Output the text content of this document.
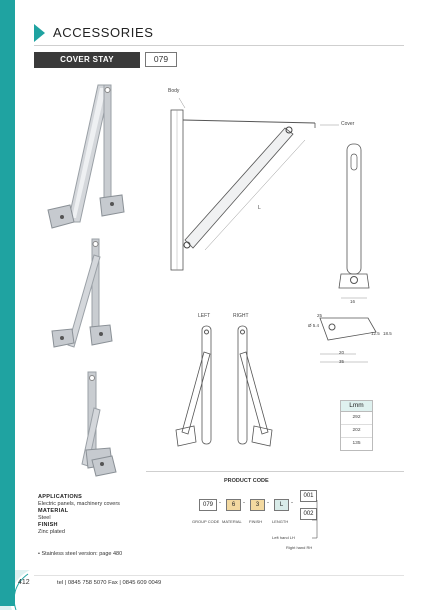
ACCESSORIES
COVER STAY	079
Body
Cover
L
16
25
Ø 5.4
20
35
12.5 18.5
LEFT	RIGHT
Lmm
292
202
135
PRODUCT CODE
079	-	6	-	3	-	L	-
GROUP CODE MATERIAL FINISH LENGTH
001
002
Left hand LH
Right hand RH
APPLICATIONS
Electric panels, machinery covers
MATERIAL
Steel
FINISH
Zinc plated
• Stainless steel version: page 480
412	tel | 0845 758 5070 Fax | 0845 609 0049
